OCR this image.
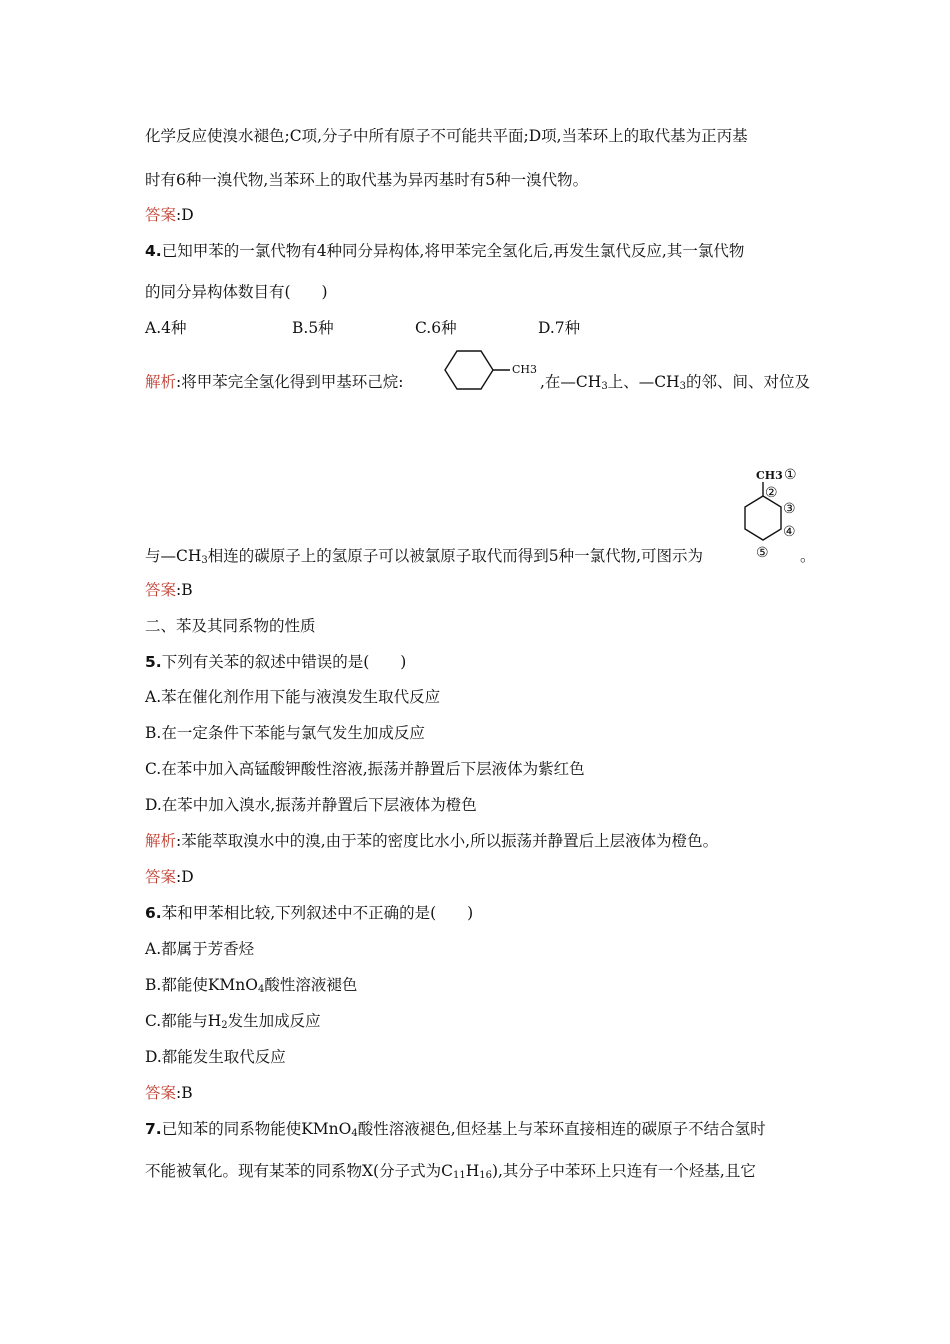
化学反应使溴水褪色;C项,分子中所有原子不可能共平面;D项,当苯环上的取代基为正丙基
时有6种一溴代物,当苯环上的取代基为异丙基时有5种一溴代物。
答案:D
4.已知甲苯的一氯代物有4种同分异构体,将甲苯完全氢化后,再发生氯代反应,其一氯代物
的同分异构体数目有(　　)
A.4种	B.5种	C.6种	D.7种
解析:将甲苯完全氢化得到甲基环己烷:
CH3
,在$—CH_3$上、$—CH_3$的邻、间、对位及
CH3 ①
②
③
④
⑤
与$—CH_3$相连的碳原子上的氢原子可以被氯原子取代而得到5种一氯代物,可图示为	。
答案:B
二、苯及其同系物的性质
5.下列有关苯的叙述中错误的是(　　)
A.苯在催化剂作用下能与液溴发生取代反应
B.在一定条件下苯能与氯气发生加成反应
C.在苯中加入高锰酸钾酸性溶液,振荡并静置后下层液体为紫红色
D.在苯中加入溴水,振荡并静置后下层液体为橙色
解析:苯能萃取溴水中的溴,由于苯的密度比水小,所以振荡并静置后上层液体为橙色。
答案:D
6.苯和甲苯相比较,下列叙述中不正确的是(　　)
A.都属于芳香烃
B.都能使KMnO$_4$酸性溶液褪色
C.都能与$H_2$发生加成反应
D.都能发生取代反应
答案:B
7.已知苯的同系物能使KMnO$_4$酸性溶液褪色,但烃基上与苯环直接相连的碳原子不结合氢时
不能被氧化。现有某苯的同系物X(分子式为$C_{11}H_{16}$),其分子中苯环上只连有一个烃基,且它
